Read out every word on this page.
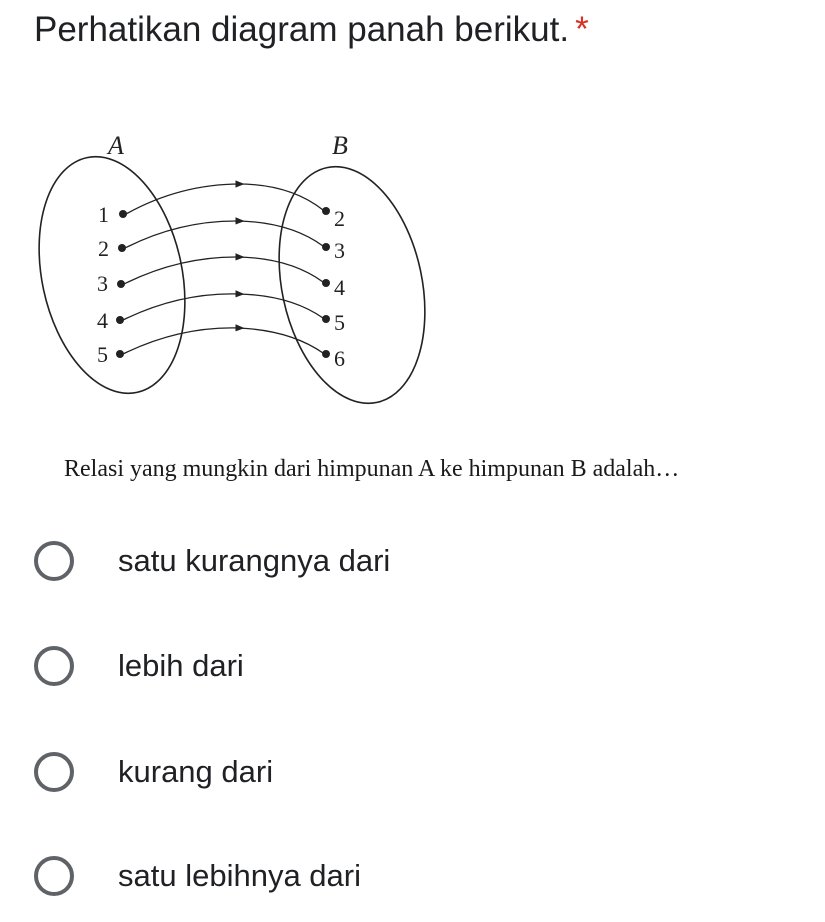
Perhatikan diagram panah berikut. *
A	B
1
2
3
4
5
2
3
4
5
6

Relasi yang mungkin dari himpunan A ke himpunan B adalah…

satu kurangnya dari
lebih dari
kurang dari
satu lebihnya dari
